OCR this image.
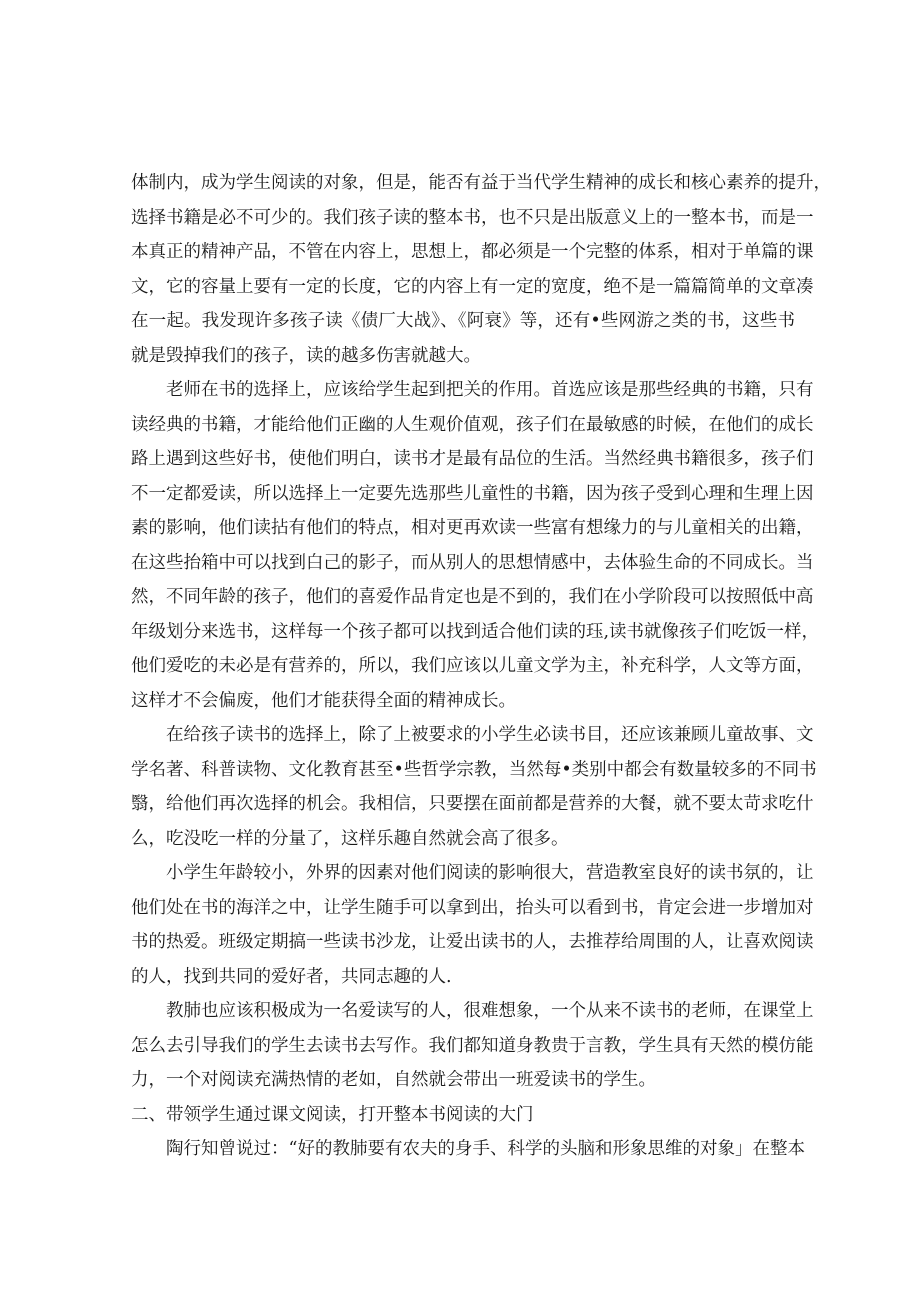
体制内，成为学生阅读的对象，但是，能否有益于当代学生精神的成长和核心素养的提升，
选择书籍是必不可少的。我们孩子读的整本书，也不只是出版意义上的一整本书，而是一
本真正的精神产品，不管在内容上，思想上，都必须是一个完整的体系，相对于单篇的课
文，它的容量上要有一定的长度，它的内容上有一定的宽度，绝不是一篇篇简单的文章凑
在一起。我发现许多孩子读《债厂大战》、《阿衰》等，还有•些网游之类的书，这些书
就是毁掉我们的孩子，读的越多伤害就越大。
老师在书的选择上，应该给学生起到把关的作用。首选应该是那些经典的书籍，只有
读经典的书籍，才能给他们正幽的人生观价值观，孩子们在最敏感的时候，在他们的成长
路上遇到这些好书，使他们明白，读书才是最有品位的生活。当然经典书籍很多，孩子们
不一定都爱读，所以选择上一定要先选那些儿童性的书籍，因为孩子受到心理和生理上因
素的影响，他们读拈有他们的特点，相对更再欢读一些富有想缘力的与儿童相关的出籍，
在这些抬箱中可以找到白己的影子，而从别人的思想情感中，去体验生命的不同成长。当
然，不同年龄的孩子，他们的喜爱作品肯定也是不到的，我们在小学阶段可以按照低中高
年级划分来选书，这样每一个孩子都可以找到适合他们读的珏,读书就像孩子们吃饭一样，
他们爱吃的未必是有营养的，所以，我们应该以儿童文学为主，补充科学，人文等方面，
这样才不会偏废，他们才能获得全面的精神成长。
在给孩子读书的选择上，除了上被要求的小学生必读书目，还应该兼顾儿童故事、文
学名著、科普读物、文化教育甚至•些哲学宗教，当然每•类别中都会有数量较多的不同书
翳，给他们再次选择的机会。我相信，只要摆在面前都是营养的大餐，就不要太苛求吃什
么，吃没吃一样的分量了，这样乐趣自然就会高了很多。
小学生年龄较小，外界的因素对他们阅读的影响很大，营造教室良好的读书氛的，让
他们处在书的海洋之中，让学生随手可以拿到出，抬头可以看到书，肯定会进一步增加对
书的热爱。班级定期搞一些读书沙龙，让爱出读书的人，去推荐给周围的人，让喜欢阅读
的人，找到共同的爱好者，共同志趣的人.
教肺也应该积极成为一名爱读写的人，很难想象，一个从来不读书的老师，在课堂上
怎么去引导我们的学生去读书去写作。我们都知道身教贵于言教，学生具有天然的模仿能
力，一个对阅读充满热情的老如，自然就会带出一班爱读书的学生。
二、带领学生通过课文阅读，打开整本书阅读的大门
陶行知曾说过：“好的教肺要有农夫的身手、科学的头脑和形象思维的对象」在整本
